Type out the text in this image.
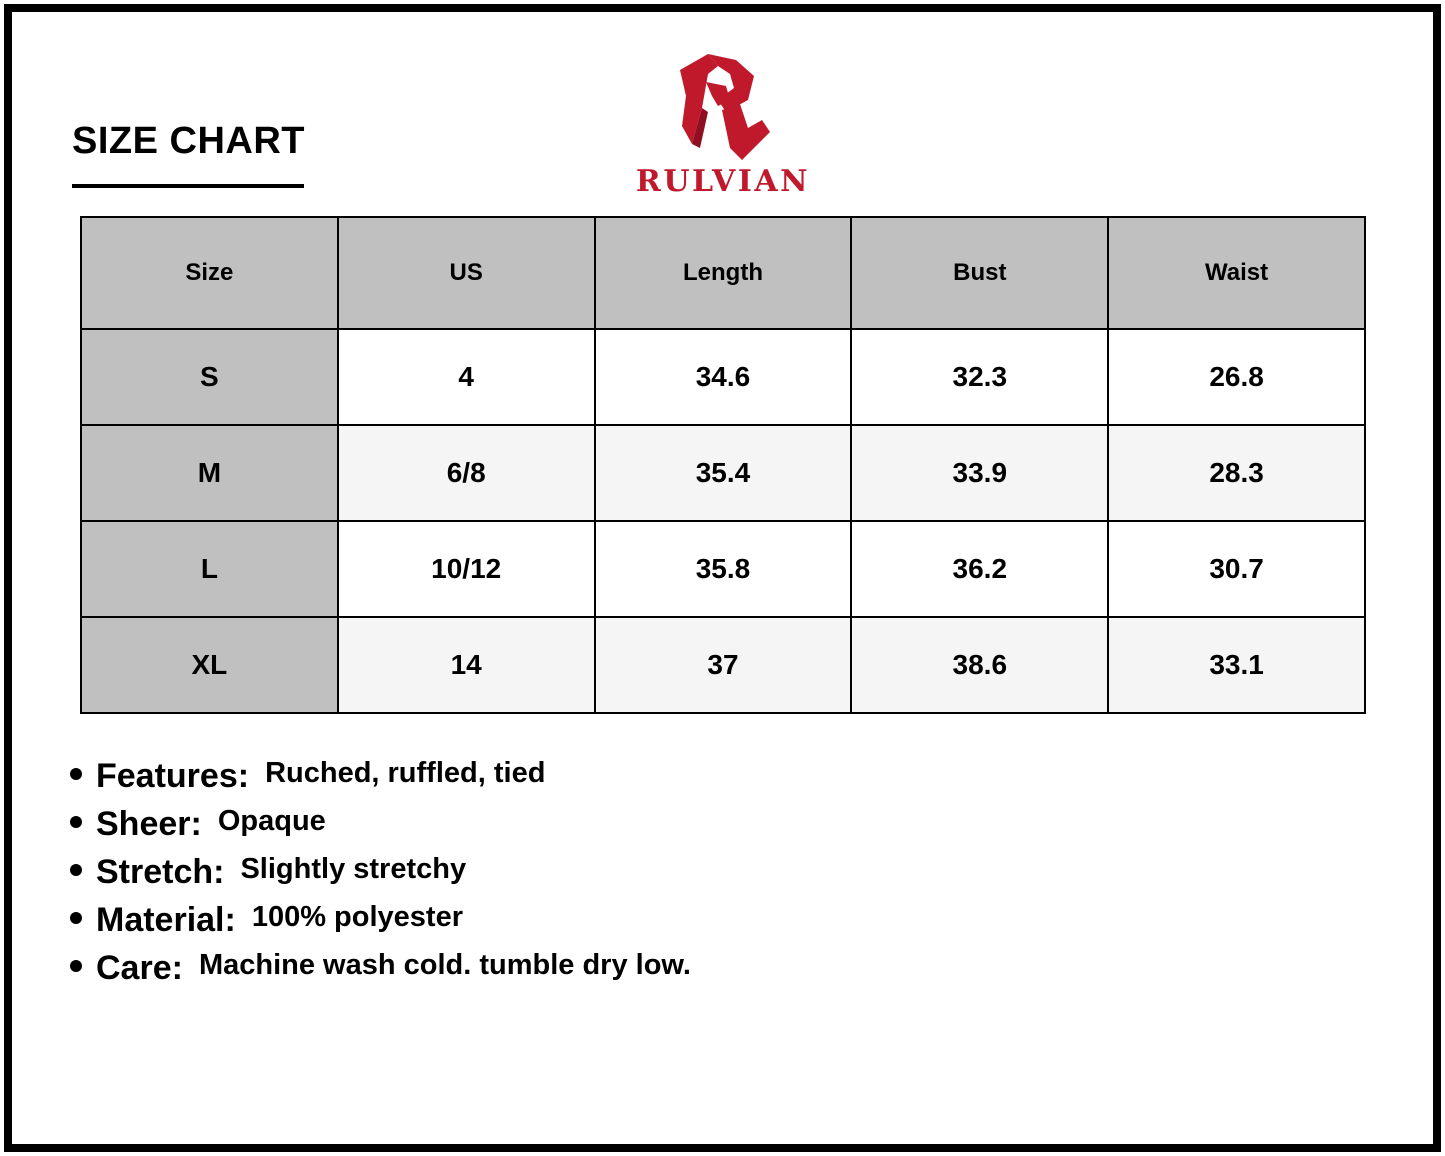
SIZE CHART
RULVIAN
Size	US	Length	Bust	Waist
S	4	34.6	32.3	26.8
M	6/8	35.4	33.9	28.3
L	10/12	35.8	36.2	30.7
XL	14	37	38.6	33.1
Features: Ruched, ruffled, tied
Sheer: Opaque
Stretch: Slightly stretchy
Material: 100% polyester
Care: Machine wash cold. tumble dry low.
